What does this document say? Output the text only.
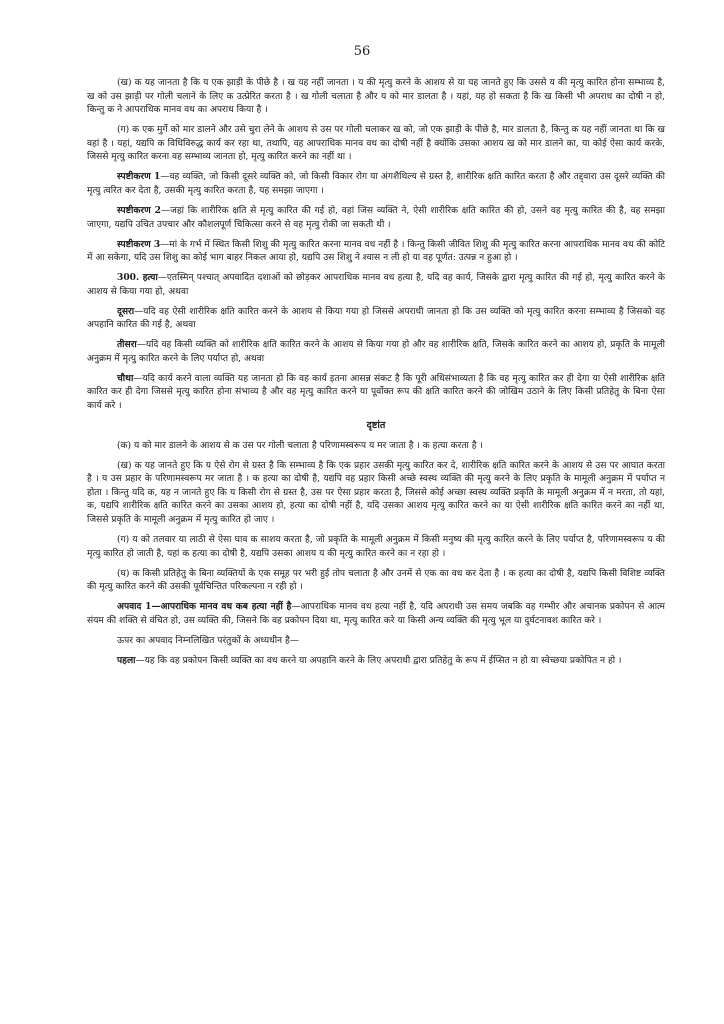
56

(ख) क यह जानता है कि य एक झाड़ी के पीछे है । ख यह नहीं जानता । य की मृत्यु करने के आशय से या यह जानते हुए कि उससे य की मृत्यु कारित होना सम्भाव्य है, ख को उस झाड़ी पर गोली चलाने के लिए क उत्प्रेरित करता है । ख गोली चलाता है और य को मार डालता है । यहां, यह हो सकता है कि ख किसी भी अपराध का दोषी न हो, किन्तु क ने आपराधिक मानव वध का अपराध किया है ।

(ग) क एक मुर्गे को मार डालने और उसे चुरा लेने के आशय से उस पर गोली चलाकर ख को, जो एक झाड़ी के पीछे है, मार डालता है, किन्तु क यह नहीं जानता था कि ख वहां है । यहां, यद्यपि क विधिविरुद्ध कार्य कर रहा था, तथापि, वह आपराधिक मानव वध का दोषी नहीं है क्योंकि उसका आशय ख को मार डालने का, या कोई ऐसा कार्य करके, जिससे मृत्यु कारित करना वह सम्भाव्य जानता हो, मृत्यु कारित करने का नहीं था ।

स्पष्टीकरण 1—वह व्यक्ति, जो किसी दूसरे व्यक्ति को, जो किसी विकार रोग या अंगशैथिल्य से ग्रस्त है, शारीरिक क्षति कारित करता है और तद्द्वारा उस दूसरे व्यक्ति की मृत्यु त्वरित कर देता है, उसकी मृत्यु कारित करता है, यह समझा जाएगा ।

स्पष्टीकरण 2—जहां कि शारीरिक क्षति से मृत्यु कारित की गई हो, वहां जिस व्यक्ति ने, ऐसी शारीरिक क्षति कारित की हो, उसने वह मृत्यु कारित की है, वह समझा जाएगा, यद्यपि उचित उपचार और कौशलपूर्ण चिकित्सा करने से वह मृत्यु रोकी जा सकती थी ।

स्पष्टीकरण 3—मां के गर्भ में स्थित किसी शिशु की मृत्यु कारित करना मानव वध नहीं है । किन्तु किसी जीवित शिशु की मृत्यु कारित करना आपराधिक मानव वध की कोटि में आ सकेगा, यदि उस शिशु का कोई भाग बाहर निकल आया हो, यद्यपि उस शिशु ने श्वास न ली हो या वह पूर्णत: उत्पन्न न हुआ हो ।

300. हत्या—एतस्मिन् पश्चात् अपवादित दशाओं को छोड़कर आपराधिक मानव वध हत्या है, यदि वह कार्य, जिसके द्वारा मृत्यु कारित की गई हो, मृत्यु कारित करने के आशय से किया गया हो, अथवा

दूसरा—यदि वह ऐसी शारीरिक क्षति कारित करने के आशय से किया गया हो जिससे अपराधी जानता हो कि उस व्यक्ति को मृत्यु कारित करना सम्भाव्य है जिसको वह अपहानि कारित की गई है, अथवा

तीसरा—यदि वह किसी व्यक्ति को शारीरिक क्षति कारित करने के आशय से किया गया हो और वह शारीरिक क्षति, जिसके कारित करने का आशय हो, प्रकृति के मामूली अनुक्रम में मृत्यु कारित करने के लिए पर्याप्त हो, अथवा

चौथा—यदि कार्य करने वाला व्यक्ति यह जानता हो कि वह कार्य इतना आसन्न संकट है कि पूरी अधिसंभाव्यता है कि वह मृत्यु कारित कर ही देगा या ऐसी शारीरिक क्षति कारित कर ही देगा जिससे मृत्यु कारित होना संभाव्य है और वह मृत्यु कारित करने या पूर्वोक्त रूप की क्षति कारित करने की जोखिम उठाने के लिए किसी प्रतिहेतु के बिना ऐसा कार्य करे ।

दृष्टांत

(क) य को मार डालने के आशय से क उस पर गोली चलाता है परिणामस्वरूप य मर जाता है । क हत्या करता है ।

(ख) क यह जानते हुए कि य ऐसे रोग से ग्रस्त है कि सम्भाव्य है कि एक प्रहार उसकी मृत्यु कारित कर दे, शारीरिक क्षति कारित करने के आशय से उस पर आघात करता है । य उस प्रहार के परिणामस्वरूप मर जाता है । क हत्या का दोषी है, यद्यपि वह प्रहार किसी अच्छे स्वस्थ व्यक्ति की मृत्यु करने के लिए प्रकृति के मामूली अनुक्रम में पर्याप्त न होता । किन्तु यदि क, यह न जानते हुए कि य किसी रोग से ग्रस्त है, उस पर ऐसा प्रहार करता है, जिससे कोई अच्छा स्वस्थ व्यक्ति प्रकृति के मामूली अनुक्रम में न मरता, तो यहां, क, यद्यपि शारीरिक क्षति कारित करने का उसका आशय हो, हत्या का दोषी नहीं है, यदि उसका आशय मृत्यु कारित करने का या ऐसी शारीरिक क्षति कारित करने का नहीं था, जिससे प्रकृति के मामूली अनुक्रम में मृत्यु कारित हो जाए ।

(ग) य को तलवार या लाठी से ऐसा घाव क साशय करता है, जो प्रकृति के मामूली अनुक्रम में किसी मनुष्य की मृत्यु कारित करने के लिए पर्याप्त है, परिणामस्वरूप य की मृत्यु कारित हो जाती है, यहां क हत्या का दोषी है, यद्यपि उसका आशय य की मृत्यु कारित करने का न रहा हो ।

(घ) क किसी प्रतिहेतु के बिना व्यक्तियों के एक समूह पर भरी हुई तोप चलाता है और उनमें से एक का वध कर देता है । क हत्या का दोषी है, यद्यपि किसी विशिष्ट व्यक्ति की मृत्यु कारित करने की उसकी पूर्वचिन्तित परिकल्पना न रही हो ।

अपवाद 1—आपराधिक मानव वध कब हत्या नहीं है—आपराधिक मानव वध हत्या नहीं है, यदि अपराधी उस समय जबकि वह गम्भीर और अचानक प्रकोपन से आत्म संयम की शक्ति से वंचित हो, उस व्यक्ति की, जिसने कि वह प्रकोपन दिया था, मृत्यु कारित करे या किसी अन्य व्यक्ति की मृत्यु भूल या दुर्घटनावश कारित करे ।

ऊपर का अपवाद निम्नलिखित परंतुकों के अध्यधीन है—

पहला—यह कि वह प्रकोपन किसी व्यक्ति का वध करने या अपहानि करने के लिए अपराधी द्वारा प्रतिहेतु के रूप में ईप्सित न हो या स्वेच्छया प्रकोपित न हो ।
